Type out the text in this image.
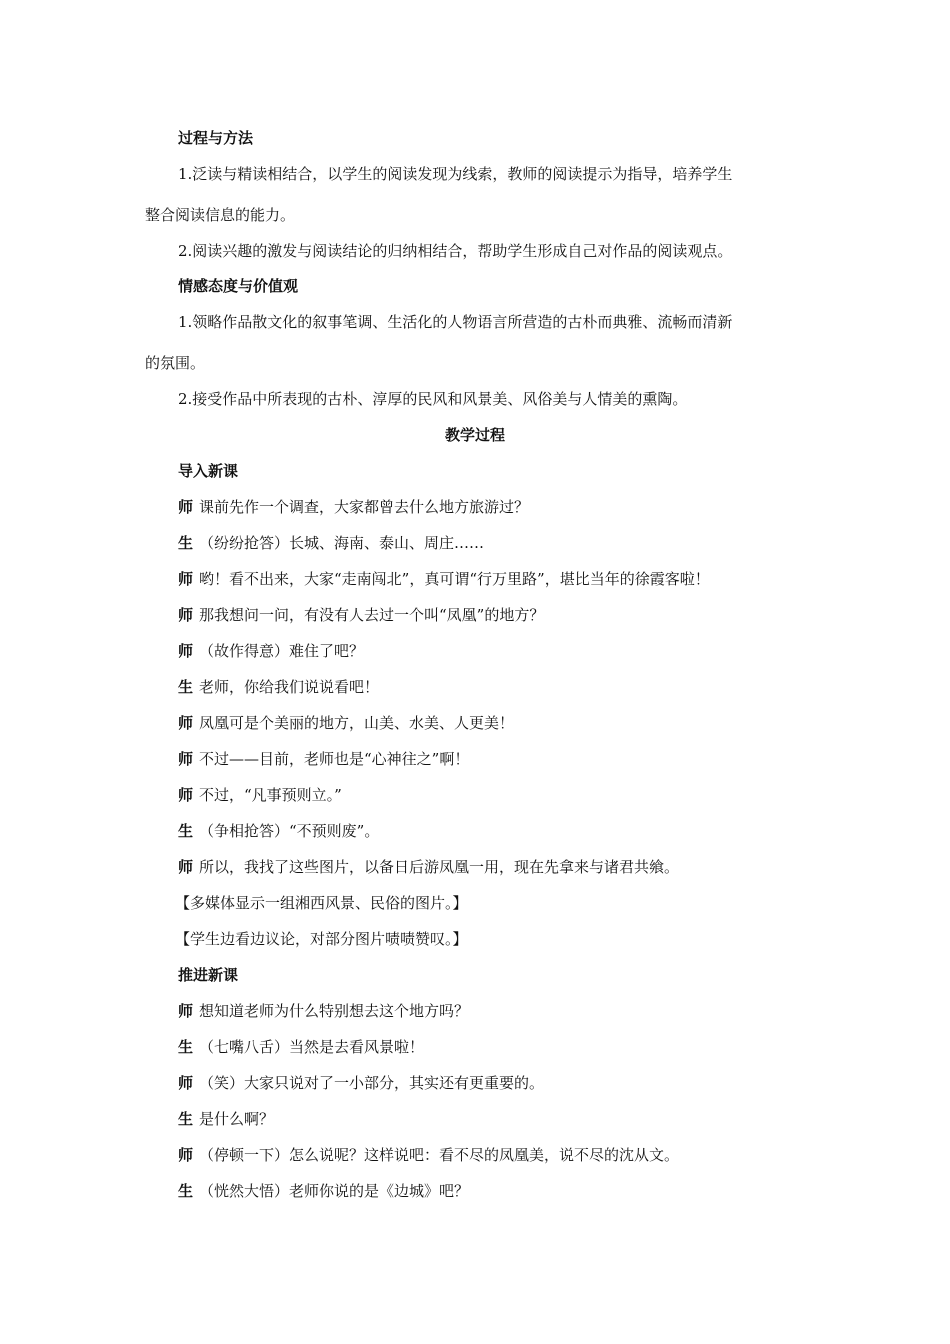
过程与方法
1.泛读与精读相结合，以学生的阅读发现为线索，教师的阅读提示为指导，培养学生
整合阅读信息的能力。
2.阅读兴趣的激发与阅读结论的归纳相结合，帮助学生形成自己对作品的阅读观点。
情感态度与价值观
1.领略作品散文化的叙事笔调、生活化的人物语言所营造的古朴而典雅、流畅而清新
的氛围。
2.接受作品中所表现的古朴、淳厚的民风和风景美、风俗美与人情美的熏陶。
教学过程
导入新课
师 课前先作一个调查，大家都曾去什么地方旅游过？
生 （纷纷抢答）长城、海南、泰山、周庄……
师 哟！看不出来，大家“走南闯北”，真可谓“行万里路”，堪比当年的徐霞客啦！
师 那我想问一问，有没有人去过一个叫“凤凰”的地方？
师 （故作得意）难住了吧？
生 老师，你给我们说说看吧！
师 凤凰可是个美丽的地方，山美、水美、人更美！
师 不过——目前，老师也是“心神往之”啊！
师 不过，“凡事预则立。”
生 （争相抢答）“不预则废”。
师 所以，我找了这些图片，以备日后游凤凰一用，现在先拿来与诸君共飨。
【多媒体显示一组湘西风景、民俗的图片。】
【学生边看边议论，对部分图片啧啧赞叹。】
推进新课
师 想知道老师为什么特别想去这个地方吗？
生 （七嘴八舌）当然是去看风景啦！
师 （笑）大家只说对了一小部分，其实还有更重要的。
生 是什么啊？
师 （停顿一下）怎么说呢？这样说吧：看不尽的凤凰美，说不尽的沈从文。
生 （恍然大悟）老师你说的是《边城》吧？
